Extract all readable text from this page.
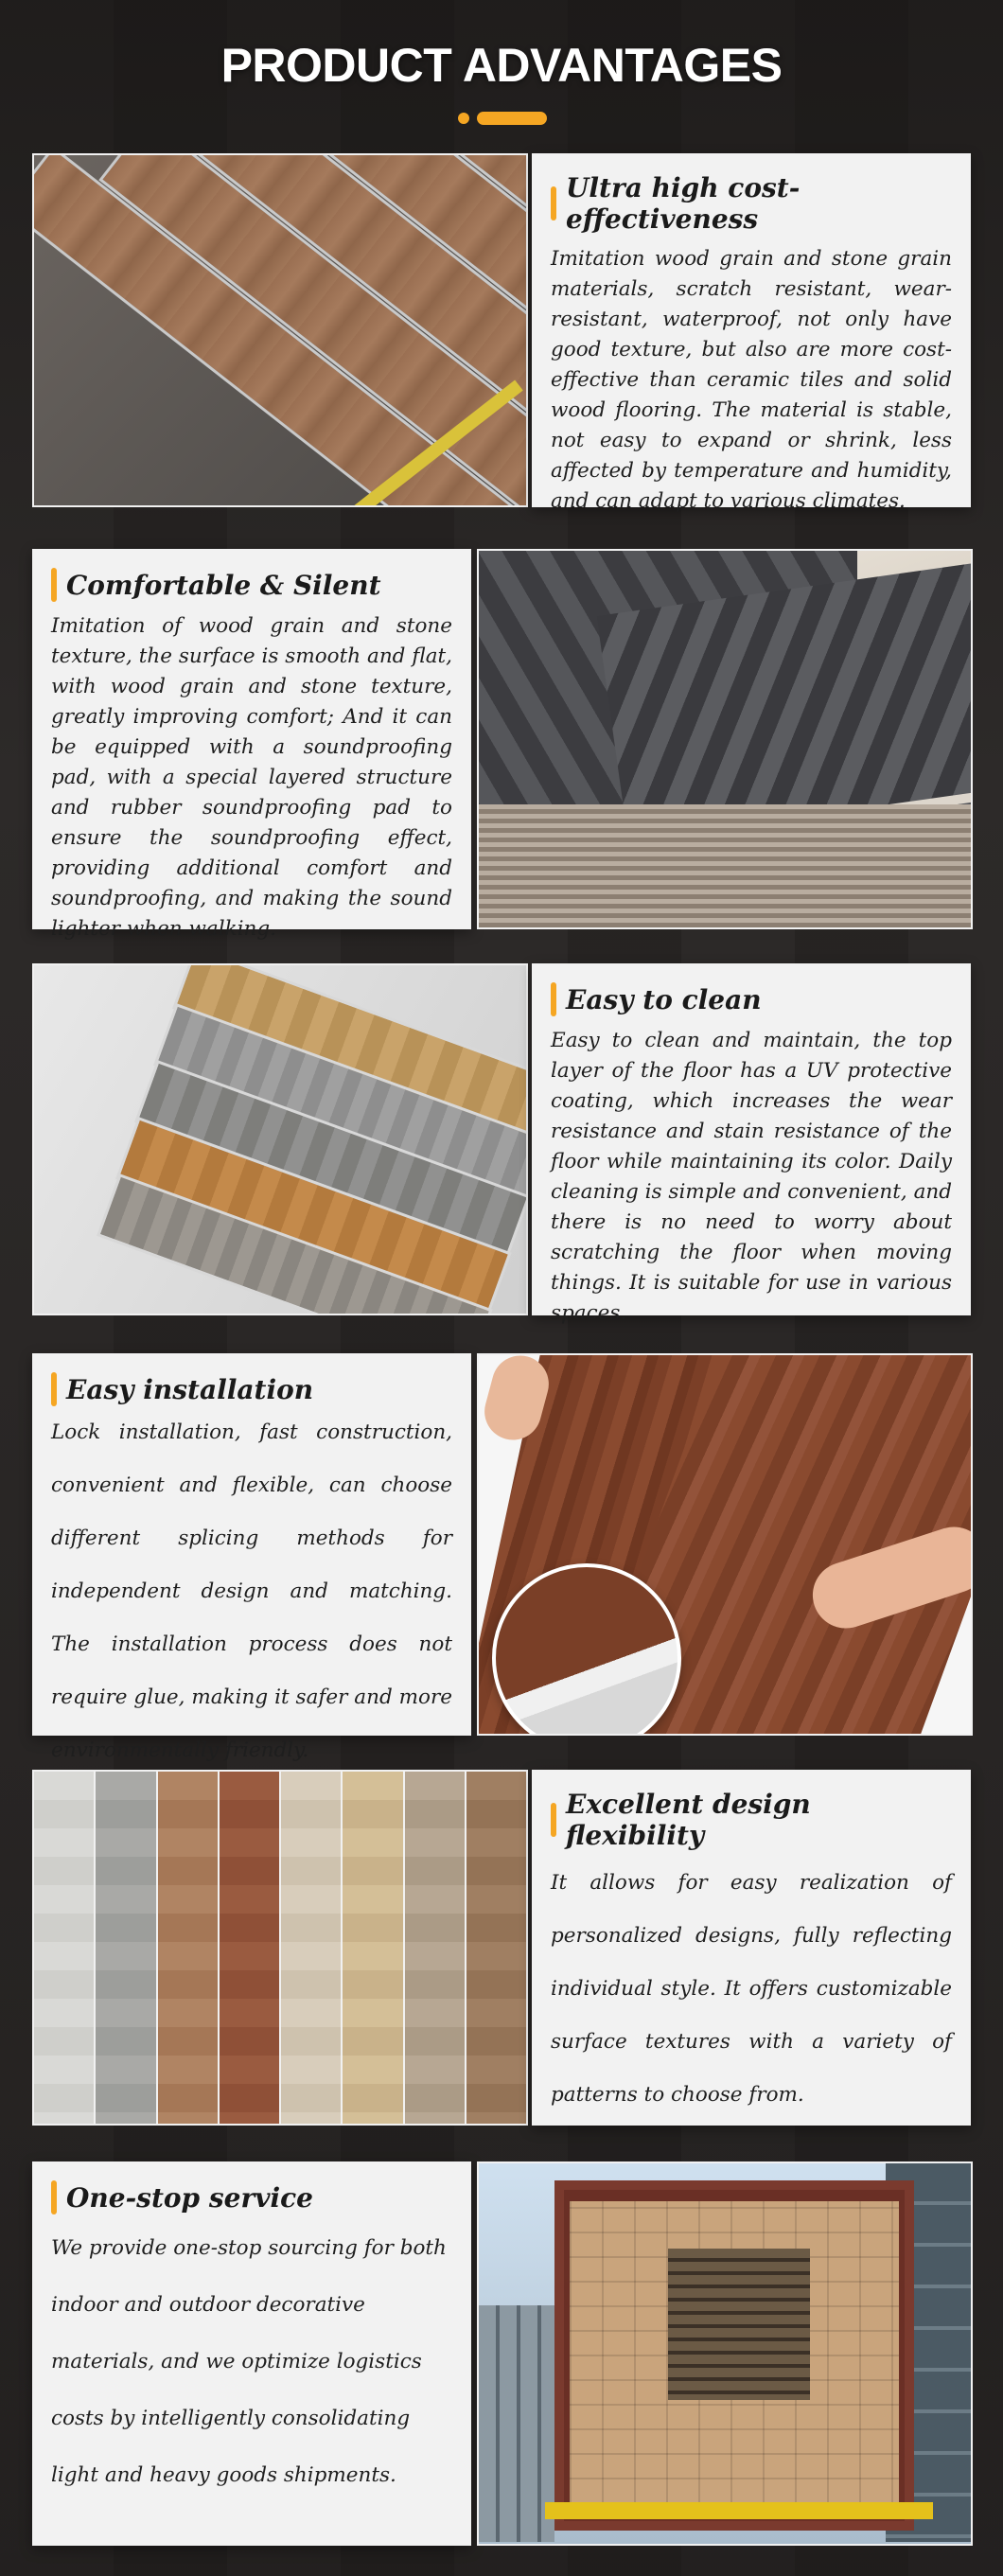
PRODUCT ADVANTAGES
Ultra high cost-effectiveness
Imitation wood grain and stone grain materials, scratch resistant, wear-resistant, waterproof, not only have good texture, but also are more cost-effective than ceramic tiles and solid wood flooring. The material is stable, not easy to expand or shrink, less affected by temperature and humidity, and can adapt to various climates.
Comfortable & Silent
Imitation of wood grain and stone texture, the surface is smooth and flat, with wood grain and stone texture, greatly improving comfort; And it can be equipped with a soundproofing pad, with a special layered structure and rubber soundproofing pad to ensure the soundproofing effect, providing additional comfort and soundproofing, and making the sound lighter when walking.
Easy to clean
Easy to clean and maintain, the top layer of the floor has a UV protective coating, which increases the wear resistance and stain resistance of the floor while maintaining its color. Daily cleaning is simple and convenient, and there is no need to worry about scratching the floor when moving things. It is suitable for use in various spaces.
Easy installation
Lock installation, fast construction, convenient and flexible, can choose different splicing methods for independent design and matching. The installation process does not require glue, making it safer and more environmentally friendly.
Excellent design flexibility
It allows for easy realization of personalized designs, fully reflecting individual style. It offers customizable surface textures with a variety of patterns to choose from.
One-stop service
We provide one-stop sourcing for both indoor and outdoor decorative materials, and we optimize logistics costs by intelligently consolidating light and heavy goods shipments.
